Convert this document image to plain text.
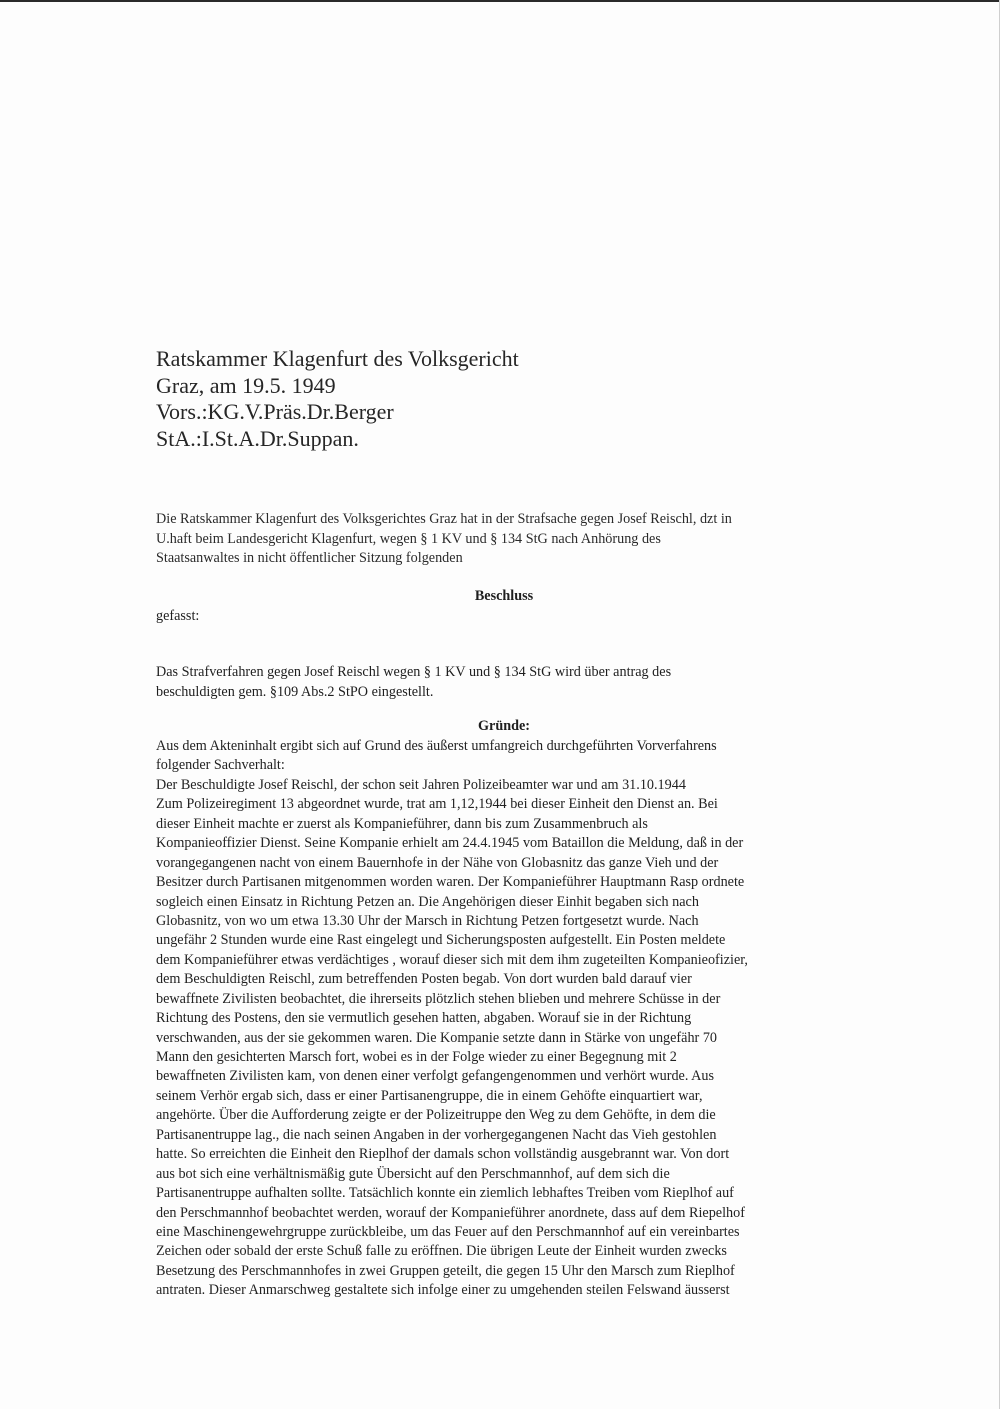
Ratskammer Klagenfurt des Volksgericht
Graz, am 19.5. 1949
Vors.:KG.V.Präs.Dr.Berger
StA.:I.St.A.Dr.Suppan.
Die Ratskammer Klagenfurt des Volksgerichtes Graz hat in der Strafsache gegen Josef Reischl, dzt in
U.haft beim Landesgericht Klagenfurt, wegen § 1 KV und § 134 StG nach Anhörung des
Staatsanwaltes in nicht öffentlicher Sitzung folgenden
Beschluss
gefasst:
Das Strafverfahren gegen Josef Reischl wegen § 1 KV und § 134 StG wird über antrag des
beschuldigten gem. §109 Abs.2 StPO eingestellt.
Gründe:
Aus dem Akteninhalt ergibt sich auf Grund des äußerst umfangreich durchgeführten Vorverfahrens
folgender Sachverhalt:
Der Beschuldigte Josef Reischl, der schon seit Jahren Polizeibeamter war und am 31.10.1944
Zum Polizeiregiment 13 abgeordnet wurde, trat am 1,12,1944 bei dieser Einheit den Dienst an. Bei
dieser Einheit machte er zuerst als Kompanieführer, dann bis zum Zusammenbruch als
Kompanieoffizier Dienst. Seine Kompanie erhielt am 24.4.1945 vom Bataillon die Meldung, daß in der
vorangegangenen nacht von einem Bauernhofe in der Nähe von Globasnitz das ganze Vieh und der
Besitzer durch Partisanen mitgenommen worden waren. Der Kompanieführer Hauptmann Rasp ordnete
sogleich einen Einsatz in Richtung Petzen an. Die Angehörigen dieser Einhit begaben sich nach
Globasnitz, von wo um etwa 13.30 Uhr der Marsch in Richtung Petzen fortgesetzt wurde. Nach
ungefähr 2 Stunden wurde eine Rast eingelegt und Sicherungsposten aufgestellt. Ein Posten meldete
dem Kompanieführer etwas verdächtiges , worauf dieser sich mit dem ihm zugeteilten Kompanieofizier,
dem Beschuldigten Reischl, zum betreffenden Posten begab. Von dort wurden bald darauf vier
bewaffnete Zivilisten beobachtet, die ihrerseits plötzlich stehen blieben und mehrere Schüsse in der
Richtung des Postens, den sie vermutlich gesehen hatten, abgaben. Worauf sie in der Richtung
verschwanden, aus der sie gekommen waren. Die Kompanie setzte dann in Stärke von ungefähr 70
Mann den gesichterten Marsch fort, wobei es in der Folge wieder zu einer Begegnung mit 2
bewaffneten Zivilisten kam, von denen einer verfolgt gefangengenommen und verhört wurde. Aus
seinem Verhör ergab sich, dass er einer Partisanengruppe, die in einem Gehöfte einquartiert war,
angehörte. Über die Aufforderung zeigte er der Polizeitruppe den Weg zu dem Gehöfte, in dem die
Partisanentruppe lag., die nach seinen Angaben in der vorhergegangenen Nacht das Vieh gestohlen
hatte. So erreichten die Einheit den Rieplhof der damals schon vollständig ausgebrannt war. Von dort
aus bot sich eine verhältnismäßig gute Übersicht auf den Perschmannhof, auf dem sich die
Partisanentruppe aufhalten sollte. Tatsächlich konnte ein ziemlich lebhaftes Treiben vom Rieplhof auf
den Perschmannhof beobachtet werden, worauf der Kompanieführer anordnete, dass auf dem Riepelhof
eine Maschinengewehrgruppe zurückbleibe, um das Feuer auf den Perschmannhof auf ein vereinbartes
Zeichen oder sobald der erste Schuß falle zu eröffnen. Die übrigen Leute der Einheit wurden zwecks
Besetzung des Perschmannhofes in zwei Gruppen geteilt, die gegen 15 Uhr den Marsch zum Rieplhof
antraten. Dieser Anmarschweg gestaltete sich infolge einer zu umgehenden steilen Felswand äusserst
